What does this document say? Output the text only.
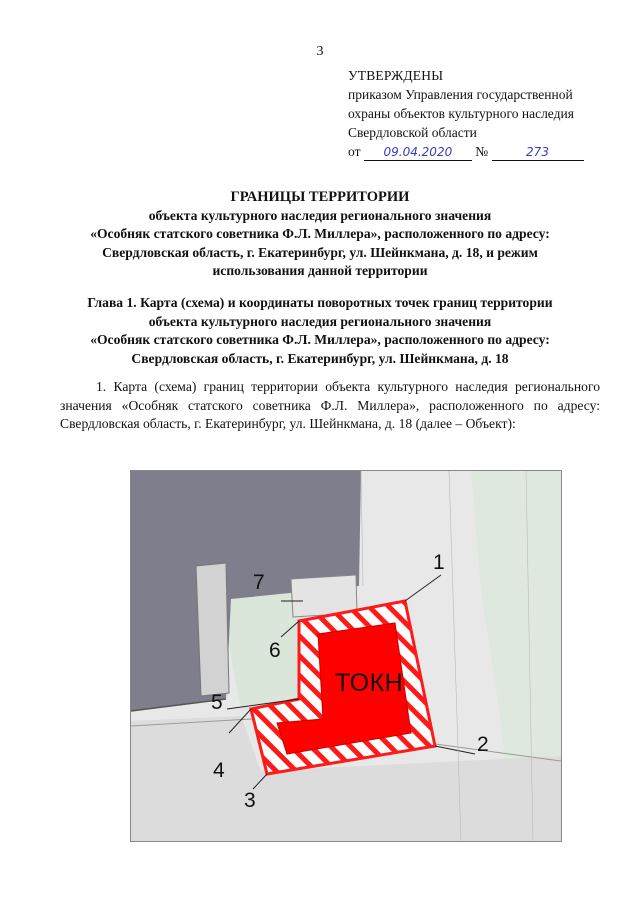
3
УТВЕРЖДЕНЫ
приказом Управления государственной
охраны объектов культурного наследия
Свердловской области
от 09.04.2020 №	273
ГРАНИЦЫ ТЕРРИТОРИИ
объекта культурного наследия регионального значения
«Особняк статского советника Ф.Л. Миллера», расположенного по адресу:
Свердловская область, г. Екатеринбург, ул. Шейнкмана, д. 18, и режим
использования данной территории
Глава 1. Карта (схема) и координаты поворотных точек границ территории
объекта культурного наследия регионального значения
«Особняк статского советника Ф.Л. Миллера», расположенного по адресу:
Свердловская область, г. Екатеринбург, ул. Шейнкмана, д. 18
1. Карта (схема) границ территории объекта культурного наследия регионального значения «Особняк статского советника Ф.Л. Миллера», расположенного по адресу: Свердловская область, г. Екатеринбург, ул. Шейнкмана, д. 18 (далее – Объект):
ТОКН
1
2
3
4
5
6
7
